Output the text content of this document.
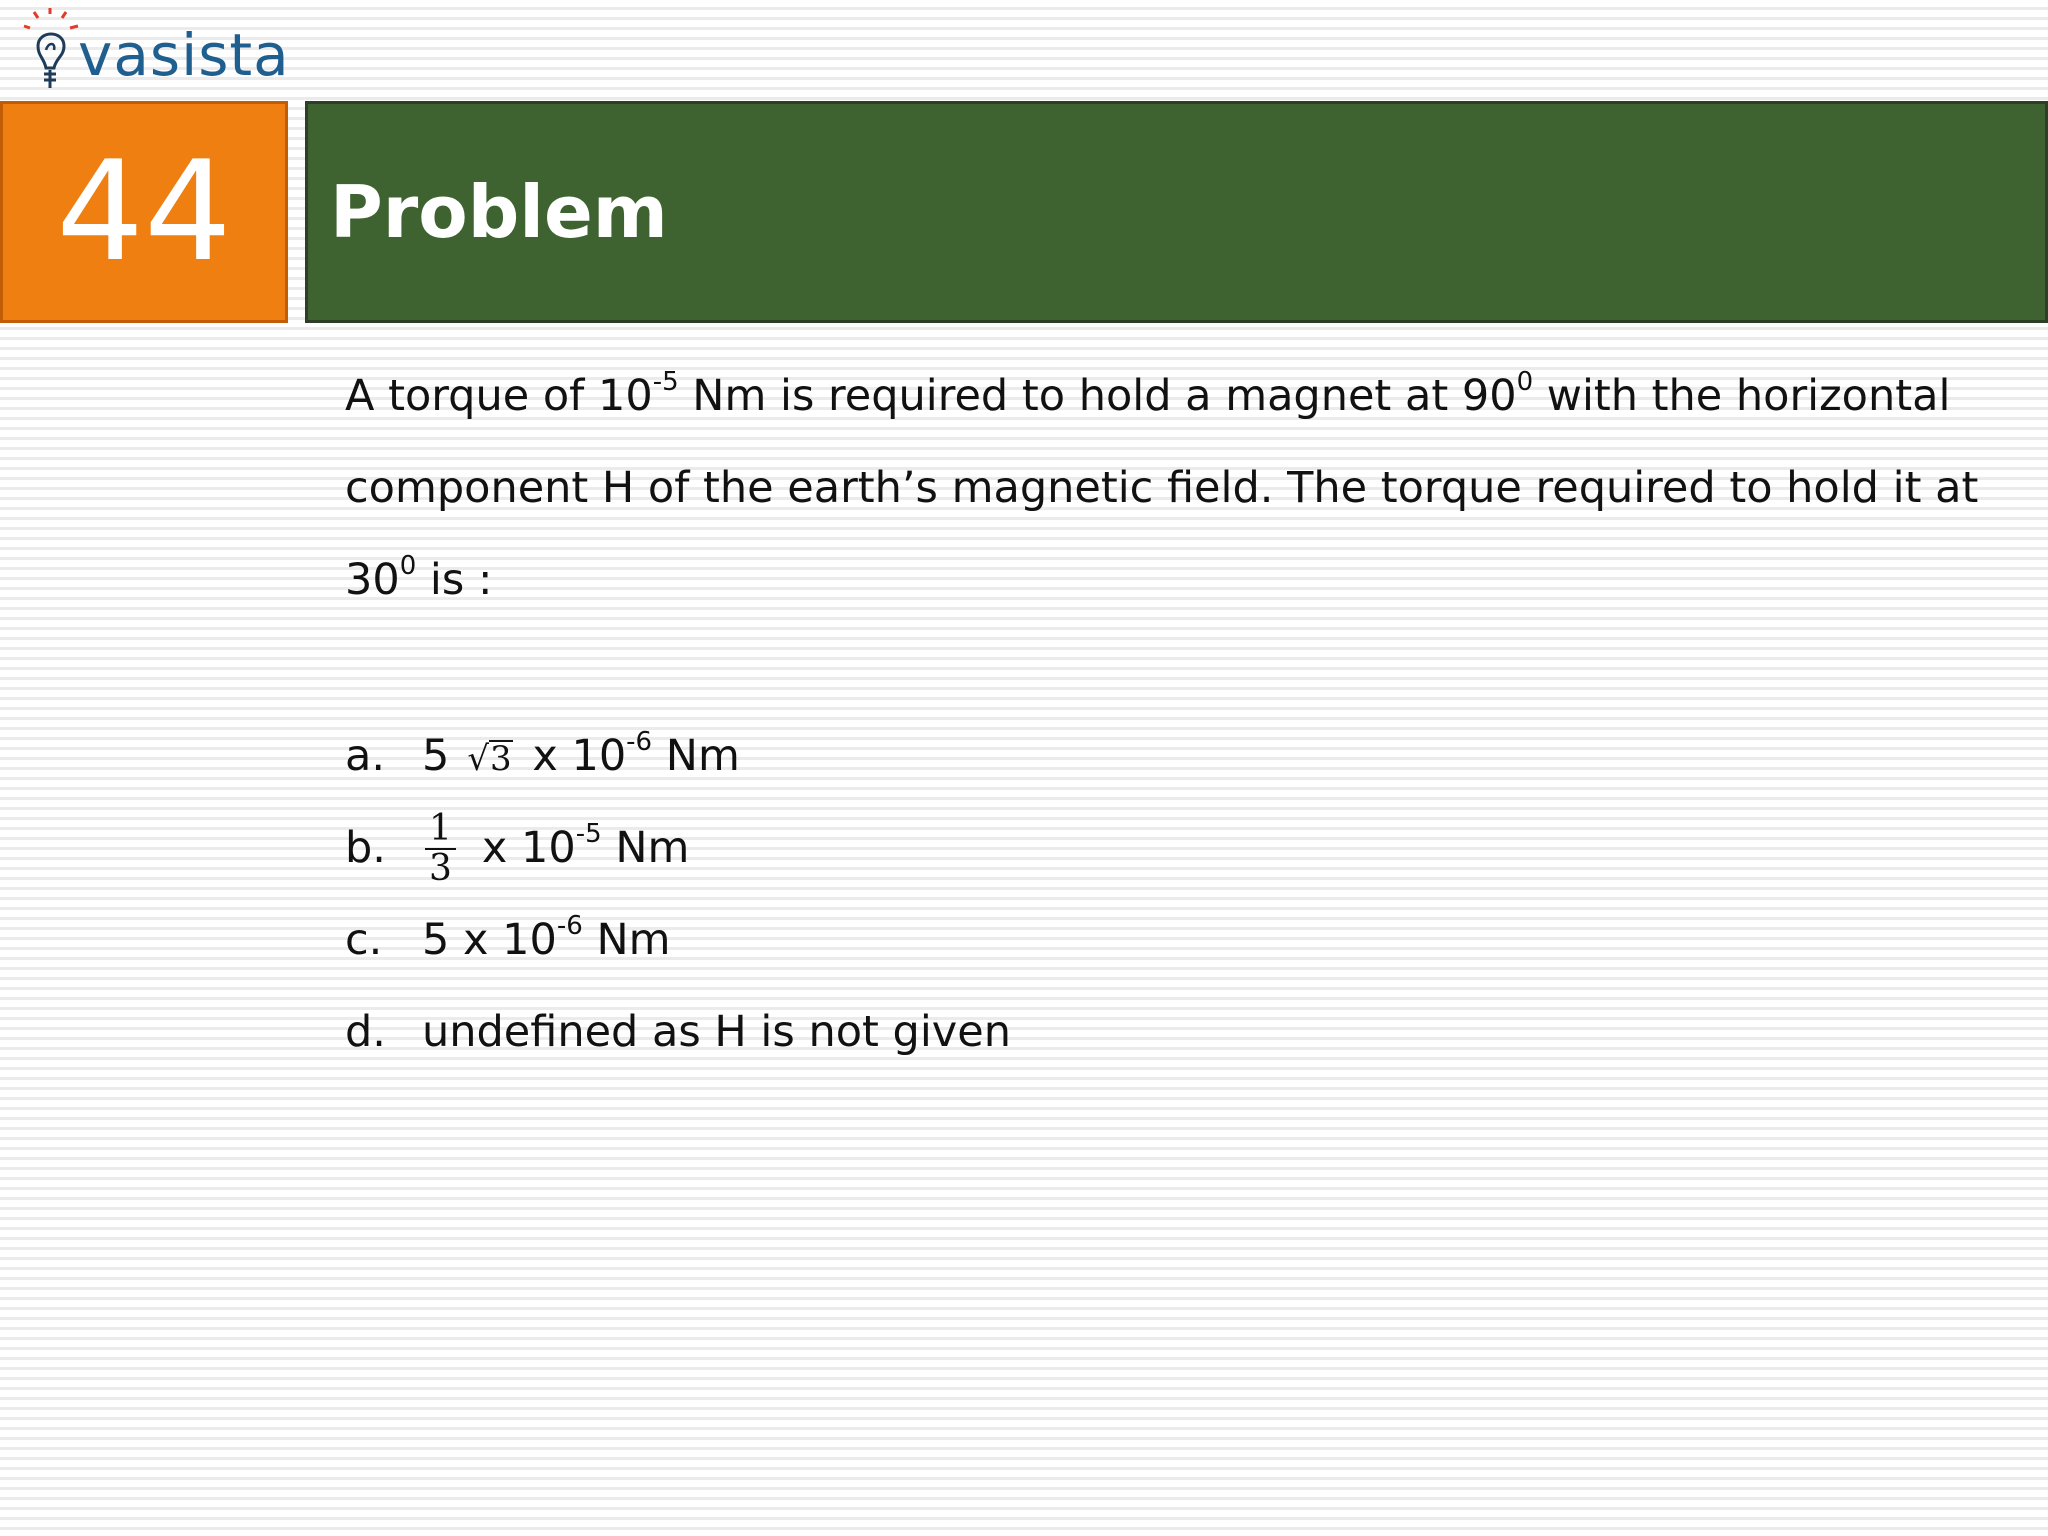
vasista
44 Problem
A torque of $10^{-5}$ Nm is required to hold a magnet at $90^0$ with the horizontal component H of the earth’s magnetic field. The torque required to hold it at $30^0$ is :
a. 5 √3 x $10^{-6}$ Nm
b. $\frac{1}{3}$ x $10^{-5}$ Nm
c. 5 x $10^{-6}$ Nm
d. undefined as H is not given
